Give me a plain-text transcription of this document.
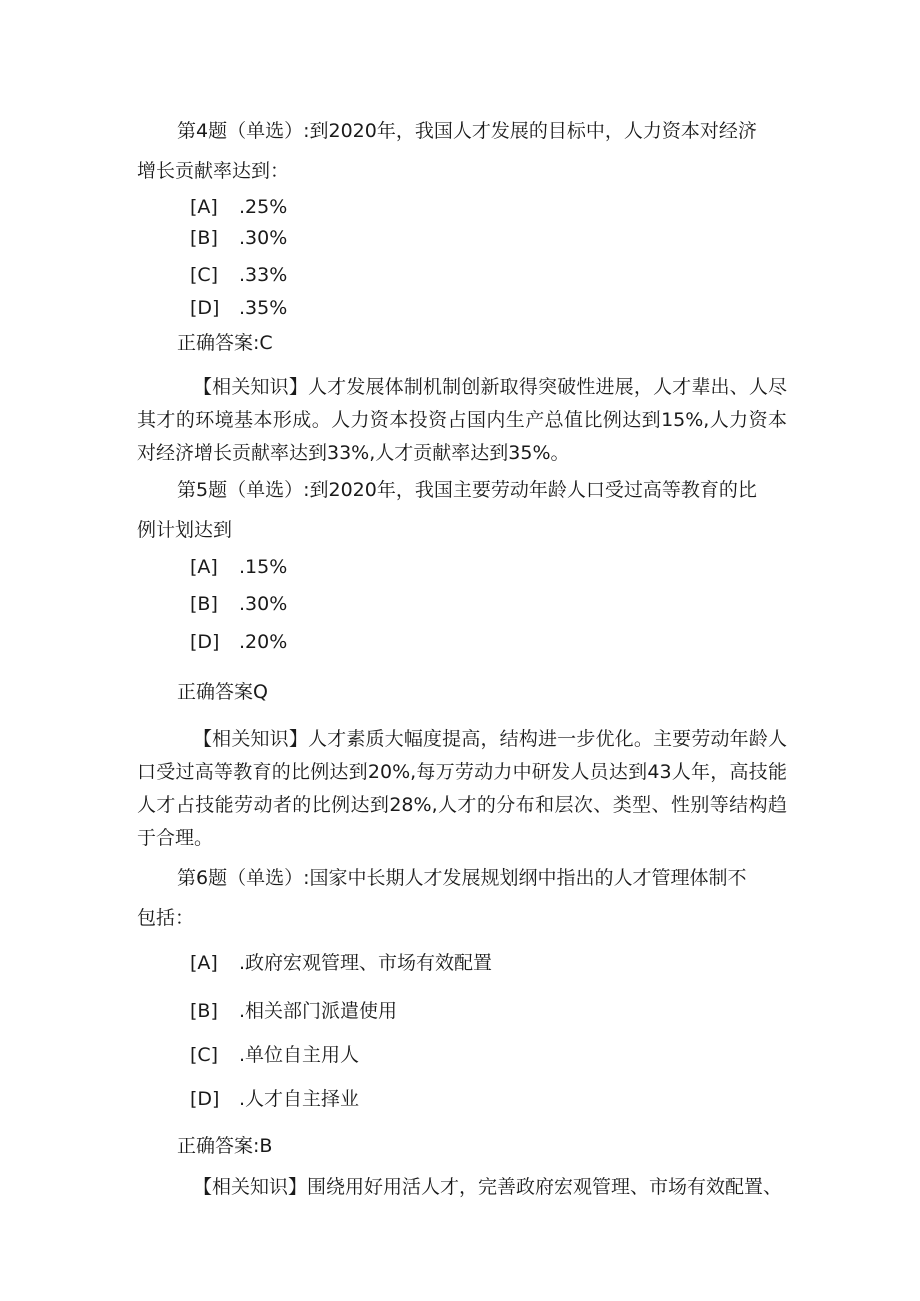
第4题（单选）:到2020年，我国人才发展的目标中，人力资本对经济
增长贡献率达到：
[A] .25%
[B] .30%
[C] .33%
[D] .35%
正确答案:C
【相关知识】人才发展体制机制创新取得突破性进展，人才辈出、人尽其才的环境基本形成。人力资本投资占国内生产总值比例达到15%,人力资本对经济增长贡献率达到33%,人才贡献率达到35%。
第5题（单选）:到2020年，我国主要劳动年龄人口受过高等教育的比
例计划达到
[A] .15%
[B] .30%
[D] .20%
正确答案Q
【相关知识】人才素质大幅度提高，结构进一步优化。主要劳动年龄人口受过高等教育的比例达到20%,每万劳动力中研发人员达到43人年，高技能人才占技能劳动者的比例达到28%,人才的分布和层次、类型、性别等结构趋于合理。
第6题（单选）:国家中长期人才发展规划纲中指出的人才管理体制不
包括：
[A] .政府宏观管理、市场有效配置
[B] .相关部门派遣使用
[C] .单位自主用人
[D] .人才自主择业
正确答案:B
【相关知识】围绕用好用活人才，完善政府宏观管理、市场有效配置、
